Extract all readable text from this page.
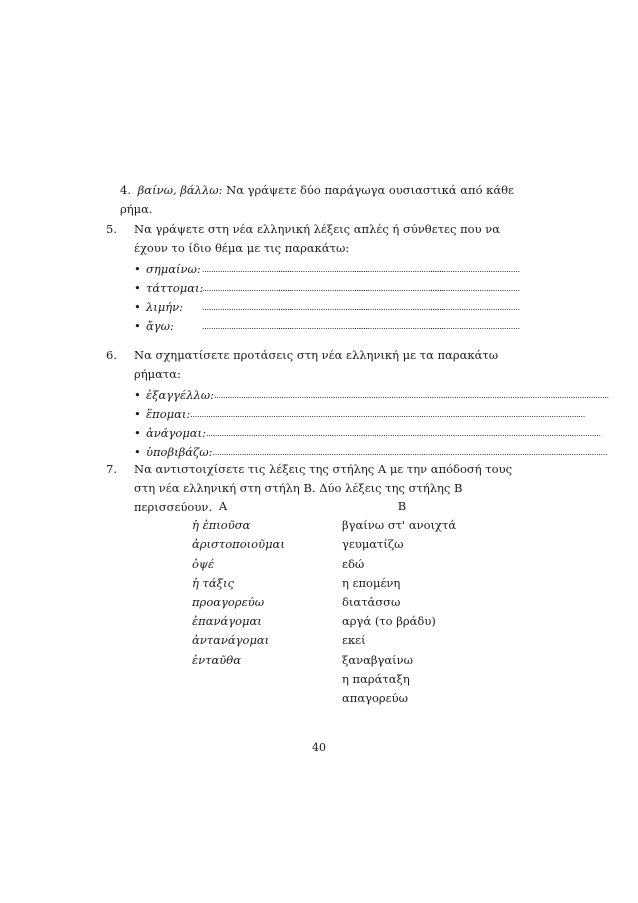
4. βαίνω, βάλλω: Να γράψετε δύο παράγωγα ουσιαστικά από κάθε ρήμα.
5. Να γράψετε στη νέα ελληνική λέξεις απλές ή σύνθετες που να έχουν το ίδιο θέμα με τις παρακάτω:
• σημαίνω:................................................................................................................................................................
• τάττομαι:................................................................................................................................................................
• λιμήν: ................................................................................................................................................................
• ἄγω:	................................................................................................................................................................
6. Να σχηματίσετε προτάσεις στη νέα ελληνική με τα παρακάτω ρήματα:
• ἐξαγγέλλω:................................................................................................................................................................................
• ἕπομαι:................................................................................................................................................................................
• ἀνάγομαι:................................................................................................................................................................................
• ὑποβιβάζω:................................................................................................................................................................................
7. Να αντιστοιχίσετε τις λέξεις της στήλης Α με την απόδοσή τους στη νέα ελληνική στη στήλη Β. Δύο λέξεις της στήλης Β περισσεύουν. Α
ἡ ἐπιοῦσα
ἀριστοποιοῦμαι
ὀψέ
ἡ τάξις
προαγορεύω
ἐπανάγομαι
ἀντανάγομαι
ἐνταῦθα
Β
βγαίνω στ' ανοιχτά
γευματίζω
εδώ
η επομένη
διατάσσω
αργά (το βράδυ)
εκεί
ξαναβγαίνω
η παράταξη
απαγορεύω
40
